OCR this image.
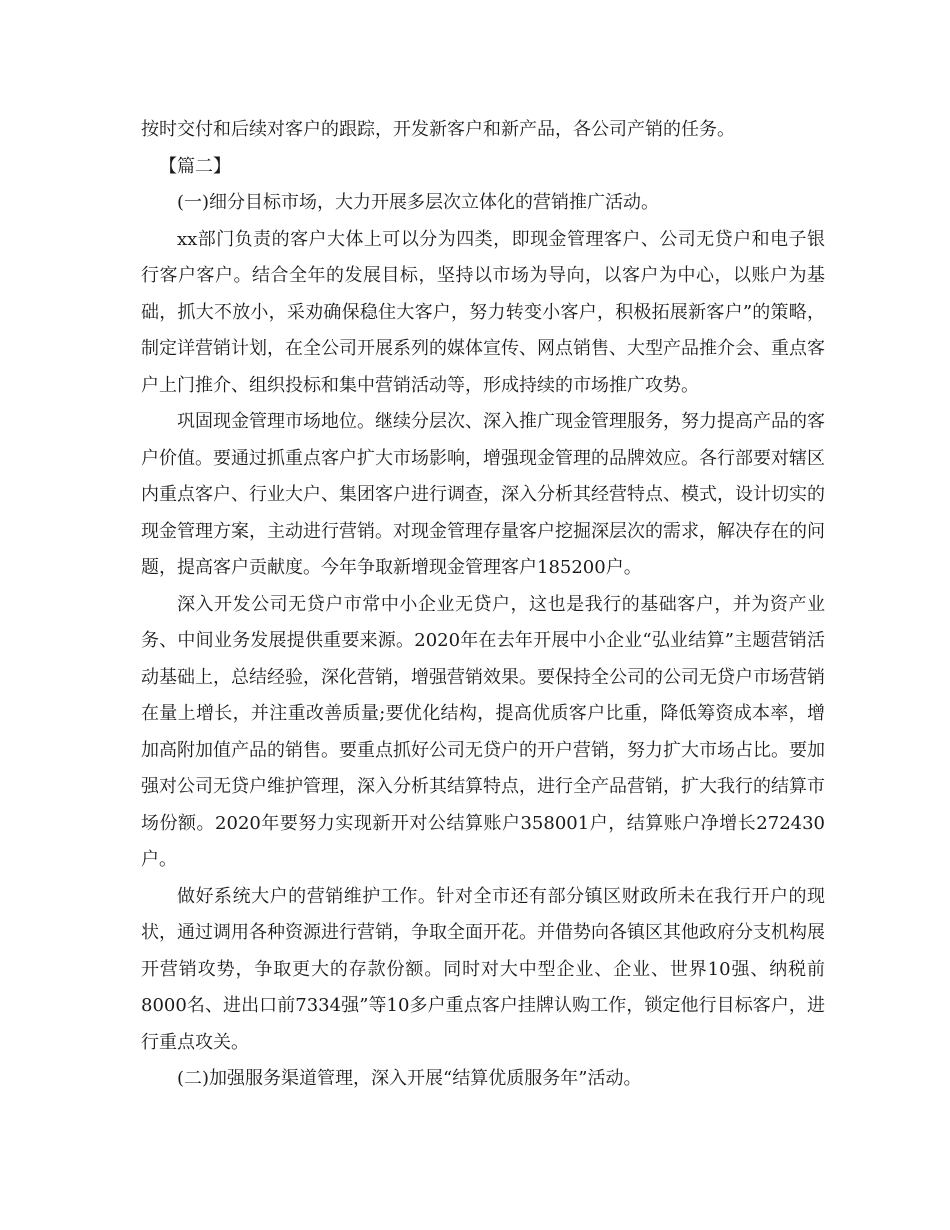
按时交付和后续对客户的跟踪，开发新客户和新产品，各公司产销的任务。

【篇二】

(一)细分目标市场，大力开展多层次立体化的营销推广活动。

xx部门负责的客户大体上可以分为四类，即现金管理客户、公司无贷户和电子银行客户客户。结合全年的发展目标，坚持以市场为导向，以客户为中心，以账户为基础，抓大不放小，采劝确保稳住大客户，努力转变小客户，积极拓展新客户”的策略，制定详营销计划，在全公司开展系列的媒体宣传、网点销售、大型产品推介会、重点客户上门推介、组织投标和集中营销活动等，形成持续的市场推广攻势。

巩固现金管理市场地位。继续分层次、深入推广现金管理服务，努力提高产品的客户价值。要通过抓重点客户扩大市场影响，增强现金管理的品牌效应。各行部要对辖区内重点客户、行业大户、集团客户进行调查，深入分析其经营特点、模式，设计切实的现金管理方案，主动进行营销。对现金管理存量客户挖掘深层次的需求，解决存在的问题，提高客户贡献度。今年争取新增现金管理客户185200户。

深入开发公司无贷户市常中小企业无贷户，这也是我行的基础客户，并为资产业务、中间业务发展提供重要来源。2020年在去年开展中小企业“弘业结算”主题营销活动基础上，总结经验，深化营销，增强营销效果。要保持全公司的公司无贷户市场营销在量上增长，并注重改善质量;要优化结构，提高优质客户比重，降低筹资成本率，增加高附加值产品的销售。要重点抓好公司无贷户的开户营销，努力扩大市场占比。要加强对公司无贷户维护管理，深入分析其结算特点，进行全产品营销，扩大我行的结算市场份额。2020年要努力实现新开对公结算账户358001户，结算账户净增长272430户。

做好系统大户的营销维护工作。针对全市还有部分镇区财政所未在我行开户的现状，通过调用各种资源进行营销，争取全面开花。并借势向各镇区其他政府分支机构展开营销攻势，争取更大的存款份额。同时对大中型企业、企业、世界10强、纳税前8000名、进出口前7334强”等10多户重点客户挂牌认购工作，锁定他行目标客户，进行重点攻关。

(二)加强服务渠道管理，深入开展“结算优质服务年”活动。
